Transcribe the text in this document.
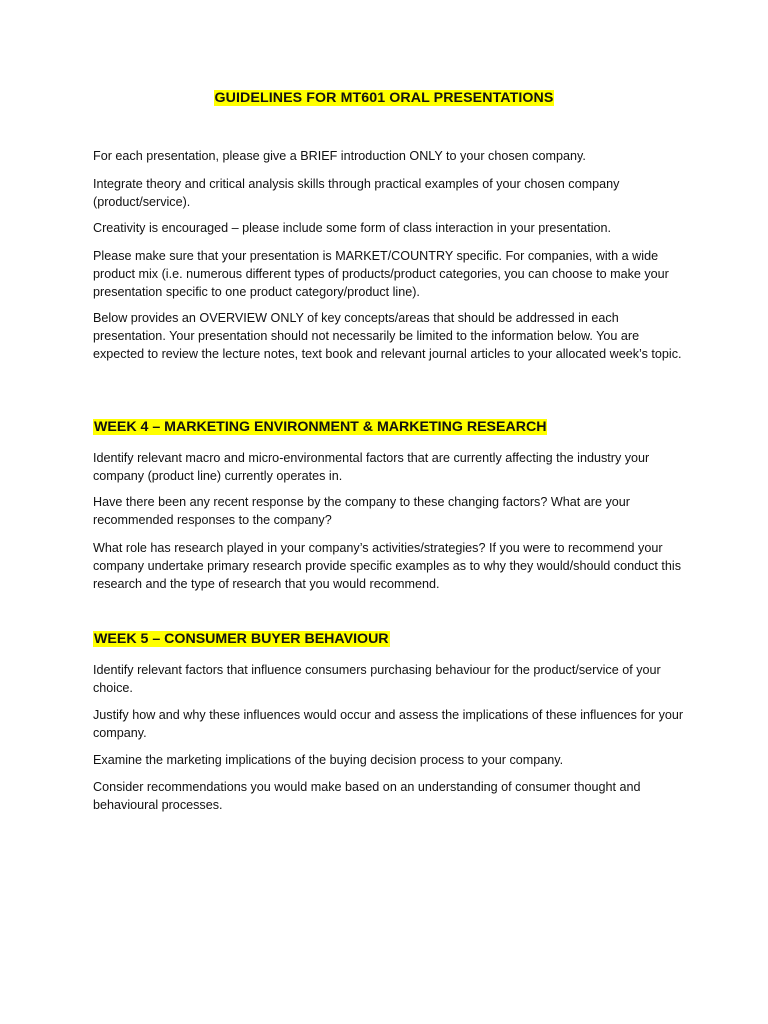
GUIDELINES FOR MT601 ORAL PRESENTATIONS

For each presentation, please give a BRIEF introduction ONLY to your chosen company.

Integrate theory and critical analysis skills through practical examples of your chosen company (product/service).

Creativity is encouraged – please include some form of class interaction in your presentation.

Please make sure that your presentation is MARKET/COUNTRY specific. For companies, with a wide product mix (i.e. numerous different types of products/product categories, you can choose to make your presentation specific to one product category/product line).

Below provides an OVERVIEW ONLY of key concepts/areas that should be addressed in each presentation. Your presentation should not necessarily be limited to the information below. You are expected to review the lecture notes, text book and relevant journal articles to your allocated week’s topic.

WEEK 4 – MARKETING ENVIRONMENT & MARKETING RESEARCH

Identify relevant macro and micro-environmental factors that are currently affecting the industry your company (product line) currently operates in.

Have there been any recent response by the company to these changing factors? What are your recommended responses to the company?

What role has research played in your company’s activities/strategies? If you were to recommend your company undertake primary research provide specific examples as to why they would/should conduct this research and the type of research that you would recommend.

WEEK 5 – CONSUMER BUYER BEHAVIOUR

Identify relevant factors that influence consumers purchasing behaviour for the product/service of your choice.

Justify how and why these influences would occur and assess the implications of these influences for your company.

Examine the marketing implications of the buying decision process to your company.

Consider recommendations you would make based on an understanding of consumer thought and behavioural processes.
